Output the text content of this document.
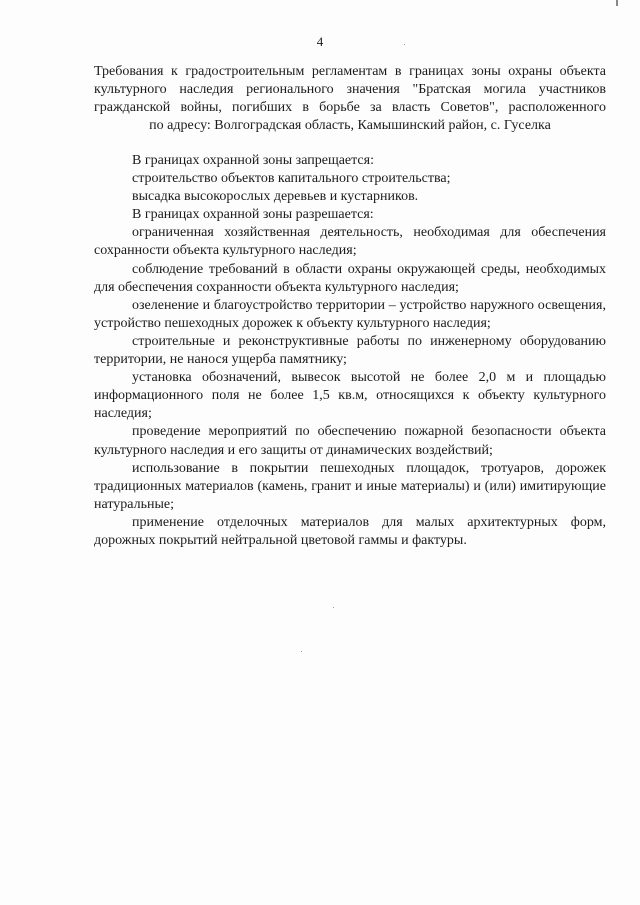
4
Требования к градостроительным регламентам в границах зоны охраны объекта
культурного наследия регионального значения "Братская могила участников
гражданской войны, погибших в борьбе за власть Советов", расположенного
по адресу: Волгоградская область, Камышинский район, с. Гуселка

В границах охранной зоны запрещается:

строительство объектов капитального строительства;

высадка высокорослых деревьев и кустарников.

В границах охранной зоны разрешается:

ограниченная хозяйственная деятельность, необходимая для обеспечения сохранности объекта культурного наследия;

соблюдение требований в области охраны окружающей среды, необходимых для обеспечения сохранности объекта культурного наследия;

озеленение и благоустройство территории – устройство наружного освещения, устройство пешеходных дорожек к объекту культурного наследия;

строительные и реконструктивные работы по инженерному оборудованию территории, не нанося ущерба памятнику;

установка обозначений, вывесок высотой не более 2,0 м и площадью информационного поля не более 1,5 кв.м, относящихся к объекту культурного наследия;

проведение мероприятий по обеспечению пожарной безопасности объекта культурного наследия и его защиты от динамических воздействий;

использование в покрытии пешеходных площадок, тротуаров, дорожек традиционных материалов (камень, гранит и иные материалы) и (или) имитирующие натуральные;

применение отделочных материалов для малых архитектурных форм, дорожных покрытий нейтральной цветовой гаммы и фактуры.
